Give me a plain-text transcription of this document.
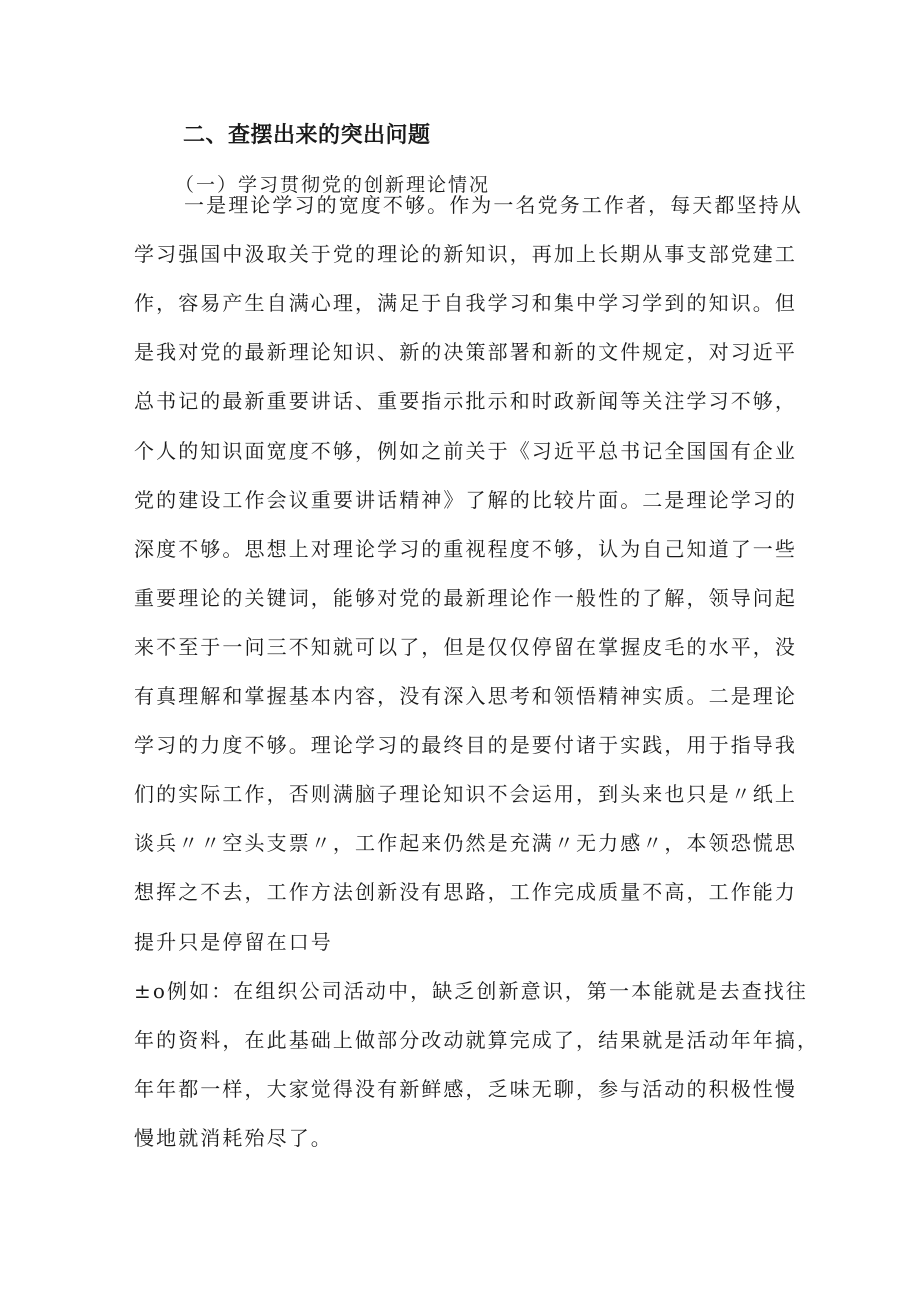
二、查摆出来的突出问题
（一）学习贯彻党的创新理论情况
一是理论学习的宽度不够。作为一名党务工作者，每天都坚持从
学习强国中汲取关于党的理论的新知识，再加上长期从事支部党建工
作，容易产生自满心理，满足于自我学习和集中学习学到的知识。但
是我对党的最新理论知识、新的决策部署和新的文件规定，对习近平
总书记的最新重要讲话、重要指示批示和时政新闻等关注学习不够，
个人的知识面宽度不够，例如之前关于《习近平总书记全国国有企业
党的建设工作会议重要讲话精神》了解的比较片面。二是理论学习的
深度不够。思想上对理论学习的重视程度不够，认为自己知道了一些
重要理论的关键词，能够对党的最新理论作一般性的了解，领导问起
来不至于一问三不知就可以了，但是仅仅停留在掌握皮毛的水平，没
有真理解和掌握基本内容，没有深入思考和领悟精神实质。二是理论
学习的力度不够。理论学习的最终目的是要付诸于实践，用于指导我
们的实际工作，否则满脑子理论知识不会运用，到头来也只是〃纸上
谈兵〃〃空头支票〃，工作起来仍然是充满〃无力感〃，本领恐慌思
想挥之不去，工作方法创新没有思路，工作完成质量不高，工作能力
提升只是停留在口号
±o例如：在组织公司活动中，缺乏创新意识，第一本能就是去查找往
年的资料，在此基础上做部分改动就算完成了，结果就是活动年年搞，
年年都一样，大家觉得没有新鲜感，乏味无聊，参与活动的积极性慢
慢地就消耗殆尽了。
